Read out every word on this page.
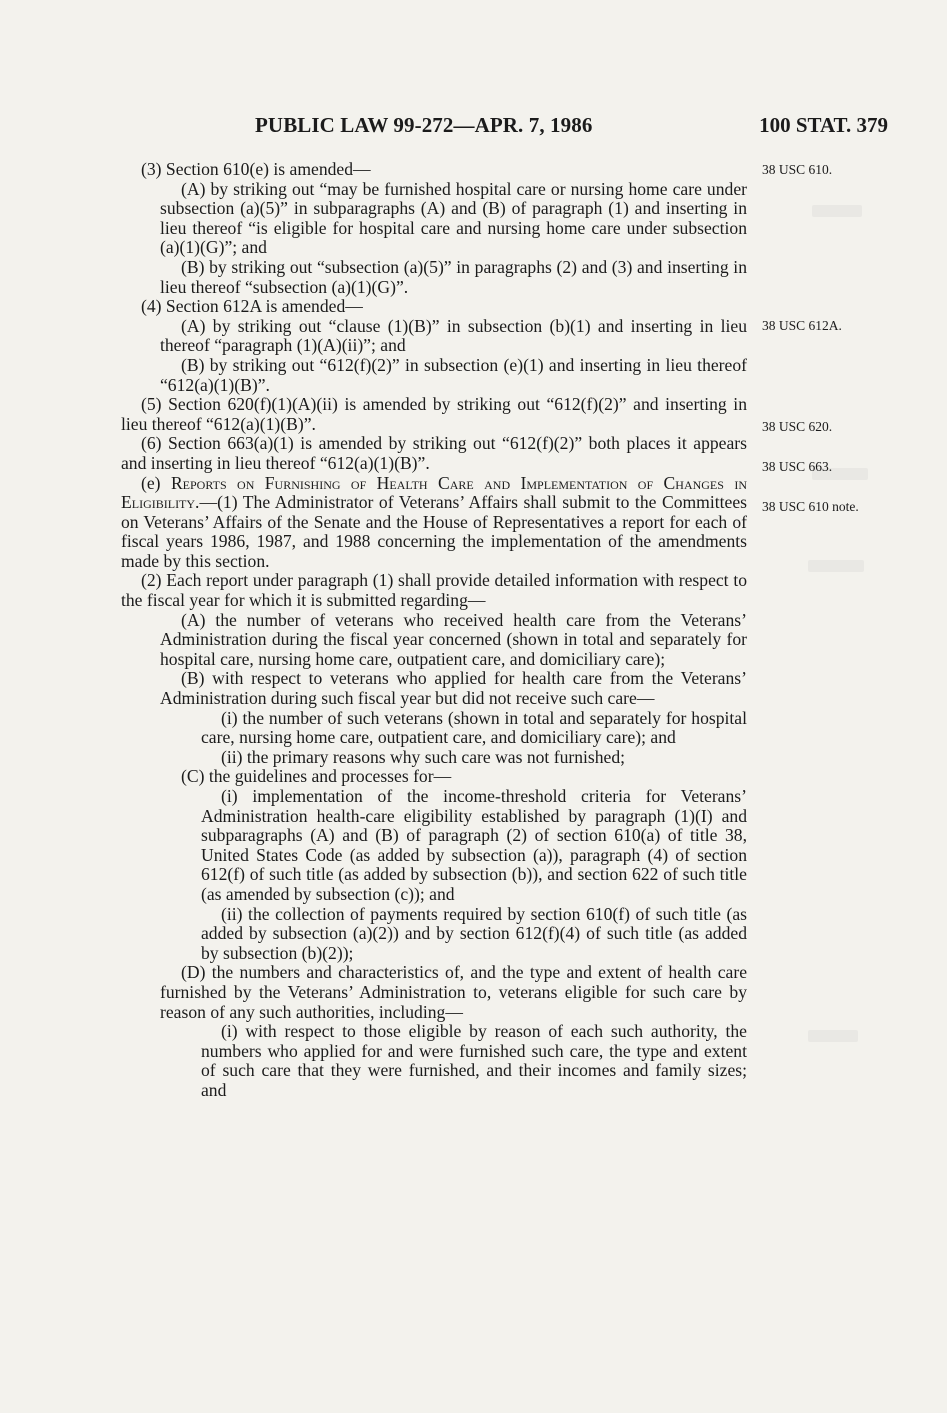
PUBLIC LAW 99-272—APR. 7, 1986	100 STAT. 379
38 USC 610.
38 USC 612A.
38 USC 620.
38 USC 663.
38 USC 610 note.

(3) Section 610(e) is amended—

(A) by striking out “may be furnished hospital care or nursing home care under subsection (a)(5)” in subparagraphs (A) and (B) of paragraph (1) and inserting in lieu thereof “is eligible for hospital care and nursing home care under subsection (a)(1)(G)”; and

(B) by striking out “subsection (a)(5)” in paragraphs (2) and (3) and inserting in lieu thereof “subsection (a)(1)(G)”.

(4) Section 612A is amended—

(A) by striking out “clause (1)(B)” in subsection (b)(1) and inserting in lieu thereof “paragraph (1)(A)(ii)”; and

(B) by striking out “612(f)(2)” in subsection (e)(1) and inserting in lieu thereof “612(a)(1)(B)”.

(5) Section 620(f)(1)(A)(ii) is amended by striking out “612(f)(2)” and inserting in lieu thereof “612(a)(1)(B)”.

(6) Section 663(a)(1) is amended by striking out “612(f)(2)” both places it appears and inserting in lieu thereof “612(a)(1)(B)”.

(e) Reports on Furnishing of Health Care and Implementation of Changes in Eligibility.—(1) The Administrator of Veterans’ Affairs shall submit to the Committees on Veterans’ Affairs of the Senate and the House of Representatives a report for each of fiscal years 1986, 1987, and 1988 concerning the implementation of the amendments made by this section.

(2) Each report under paragraph (1) shall provide detailed information with respect to the fiscal year for which it is submitted regarding—

(A) the number of veterans who received health care from the Veterans’ Administration during the fiscal year concerned (shown in total and separately for hospital care, nursing home care, outpatient care, and domiciliary care);

(B) with respect to veterans who applied for health care from the Veterans’ Administration during such fiscal year but did not receive such care—

(i) the number of such veterans (shown in total and separately for hospital care, nursing home care, outpatient care, and domiciliary care); and

(ii) the primary reasons why such care was not furnished;

(C) the guidelines and processes for—

(i) implementation of the income-threshold criteria for Veterans’ Administration health-care eligibility established by paragraph (1)(I) and subparagraphs (A) and (B) of paragraph (2) of section 610(a) of title 38, United States Code (as added by subsection (a)), paragraph (4) of section 612(f) of such title (as added by subsection (b)), and section 622 of such title (as amended by subsection (c)); and

(ii) the collection of payments required by section 610(f) of such title (as added by subsection (a)(2)) and by section 612(f)(4) of such title (as added by subsection (b)(2));

(D) the numbers and characteristics of, and the type and extent of health care furnished by the Veterans’ Administration to, veterans eligible for such care by reason of any such authorities, including—

(i) with respect to those eligible by reason of each such authority, the numbers who applied for and were furnished such care, the type and extent of such care that they were furnished, and their incomes and family sizes; and
